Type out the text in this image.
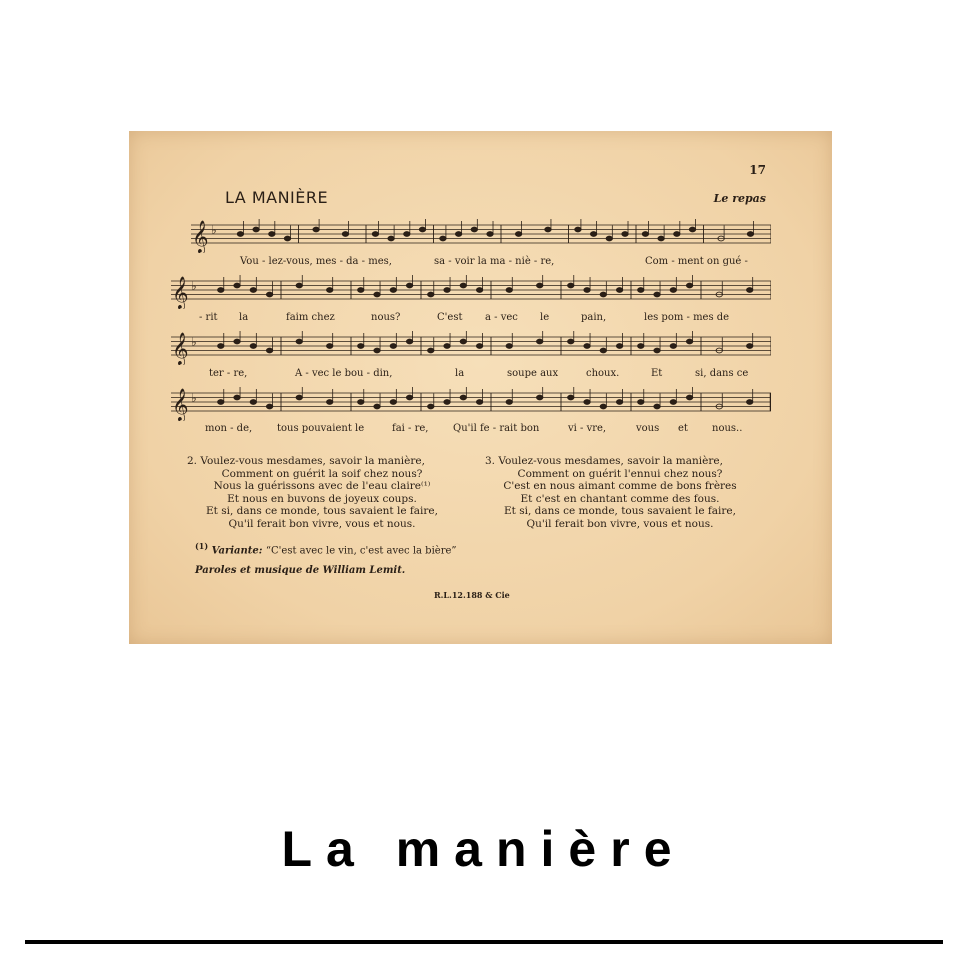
17
LA MANIÈRE	Le repas
𝄞 ♭
𝄞 ♭
𝄞 ♭
𝄞 ♭
Vou - lez-vous, mes - da - mes,	sa - voir la ma - niè - re,	Com - ment on gué -
- rit la	faim chez	nous?	C'est a - vec le	pain,	les pom - mes de
ter - re,	A - vec le bou - din,	la	soupe aux	choux.	Et	si, dans ce
mon - de, tous pouvaient le	fai - re, Qu'il fe - rait bon	vi - vre,	vous et nous..
2. Voulez-vous mesdames, savoir la manière,
Comment on guérit la soif chez nous?
Nous la guérissons avec de l'eau claire⁽¹⁾
Et nous en buvons de joyeux coups.
Et si, dans ce monde, tous savaient le faire,
Qu'il ferait bon vivre, vous et nous.
3. Voulez-vous mesdames, savoir la manière,
Comment on guérit l'ennui chez nous?
C'est en nous aimant comme de bons frères
Et c'est en chantant comme des fous.
Et si, dans ce monde, tous savaient le faire,
Qu'il ferait bon vivre, vous et nous.
$^{(1)}$ Variante: “C'est avec le vin, c'est avec la bière”
Paroles et musique de William Lemit.
R.L.12.188 & Cie
La manière
